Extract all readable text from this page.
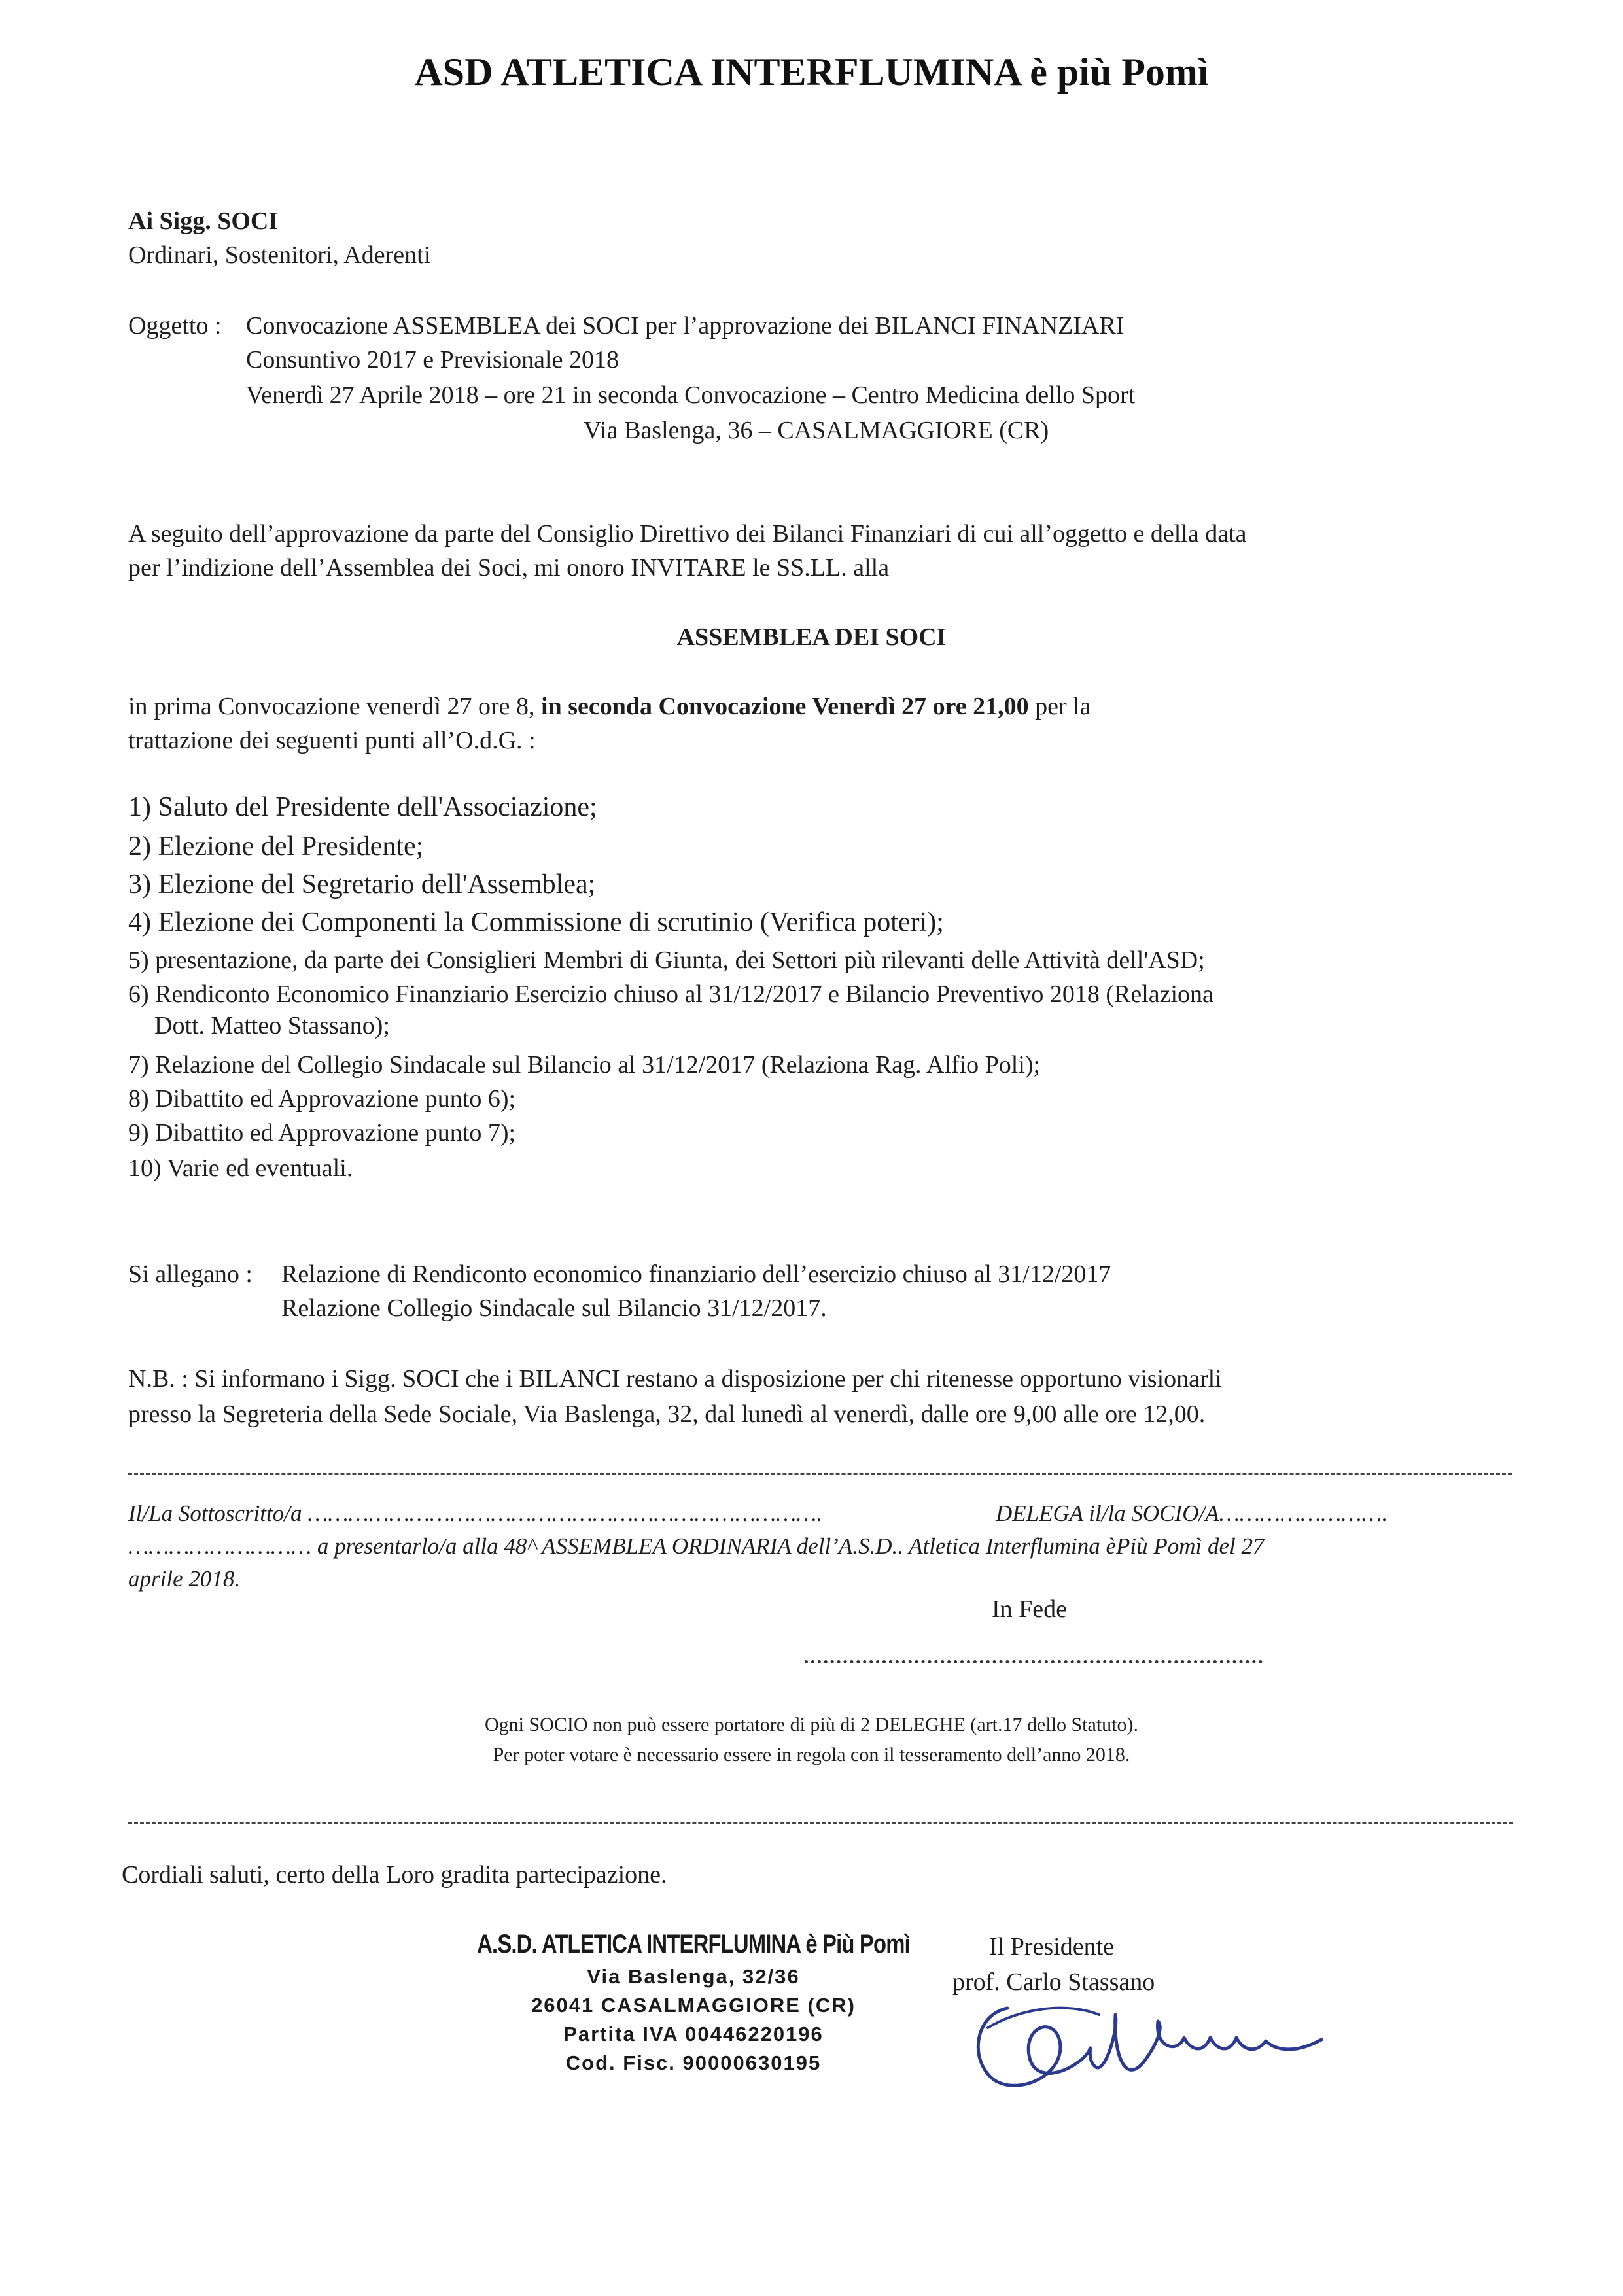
ASD ATLETICA INTERFLUMINA è più Pomì
Ai Sigg. SOCI
Ordinari, Sostenitori, Aderenti
Oggetto : Convocazione ASSEMBLEA dei SOCI per l’approvazione dei BILANCI FINANZIARI
Consuntivo 2017 e Previsionale 2018
Venerdì 27 Aprile 2018 – ore 21 in seconda Convocazione – Centro Medicina dello Sport
Via Baslenga, 36 – CASALMAGGIORE (CR)
A seguito dell’approvazione da parte del Consiglio Direttivo dei Bilanci Finanziari di cui all’oggetto e della data
per l’indizione dell’Assemblea dei Soci, mi onoro INVITARE le SS.LL. alla
ASSEMBLEA DEI SOCI
in prima Convocazione venerdì 27 ore 8, in seconda Convocazione Venerdì 27 ore 21,00 per la
trattazione dei seguenti punti all’O.d.G. :
1) Saluto del Presidente dell'Associazione;
2) Elezione del Presidente;
3) Elezione del Segretario dell'Assemblea;
4) Elezione dei Componenti la Commissione di scrutinio (Verifica poteri);
5) presentazione, da parte dei Consiglieri Membri di Giunta, dei Settori più rilevanti delle Attività dell'ASD;
6) Rendiconto Economico Finanziario Esercizio chiuso al 31/12/2017 e Bilancio Preventivo 2018 (Relaziona
Dott. Matteo Stassano);
7) Relazione del Collegio Sindacale sul Bilancio al 31/12/2017 (Relaziona Rag. Alfio Poli);
8) Dibattito ed Approvazione punto 6);
9) Dibattito ed Approvazione punto 7);
10) Varie ed eventuali.
Si allegano : Relazione di Rendiconto economico finanziario dell’esercizio chiuso al 31/12/2017
Relazione Collegio Sindacale sul Bilancio 31/12/2017.
N.B. : Si informano i Sigg. SOCI che i BILANCI restano a disposizione per chi ritenesse opportuno visionarli
presso la Segreteria della Sede Sociale, Via Baslenga, 32, dal lunedì al venerdì, dalle ore 9,00 alle ore 12,00.
Il/La Sottoscritto/a ………………………………………………………………….	DELEGA il/la SOCIO/A…………………….
……………………… a presentarlo/a alla 48^ ASSEMBLEA ORDINARIA dell’A.S.D.. Atletica Interflumina èPiù Pomì del 27
aprile 2018.
In Fede
Ogni SOCIO non può essere portatore di più di 2 DELEGHE (art.17 dello Statuto).
Per poter votare è necessario essere in regola con il tesseramento dell’anno 2018.
Cordiali saluti, certo della Loro gradita partecipazione.
A.S.D. ATLETICA INTERFLUMINA è Più Pomì
Via Baslenga, 32/36
26041 CASALMAGGIORE (CR)
Partita IVA 00446220196
Cod. Fisc. 90000630195
Il Presidente
prof. Carlo Stassano
